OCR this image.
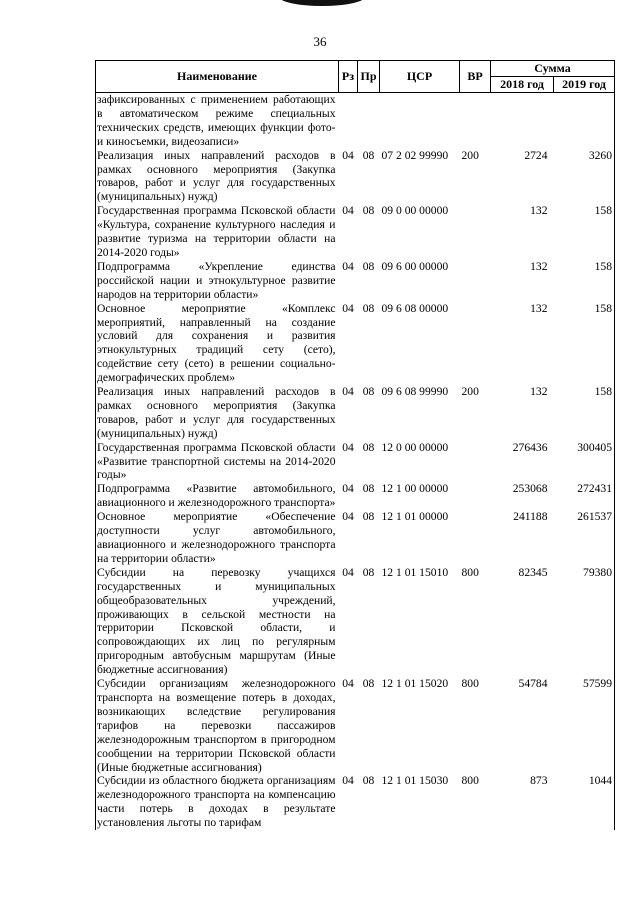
36
Наименование	Рз	Пр	ЦСР	ВР	Сумма	
					2018 год	2019 год
зафиксированных с применением работающих в автоматическом режиме специальных технических средств, имеющих функции фото- и киносъемки, видеозаписи»						
Реализация иных направлений расходов в рамках основного мероприятия (Закупка товаров, работ и услуг для государственных (муниципальных) нужд)	04	08	07 2 02 99990	200	2724	3260
Государственная программа Псковской области «Культура, сохранение культурного наследия и развитие туризма на территории области на 2014-2020 годы»	04	08	09 0 00 00000		132	158
Подпрограмма «Укрепление единства российской нации и этнокультурное развитие народов на территории области»	04	08	09 6 00 00000		132	158
Основное мероприятие «Комплекс мероприятий, направленный на создание условий для сохранения и развития этнокультурных традиций сету (сето), содействие сету (сето) в решении социально-демографических проблем»	04	08	09 6 08 00000		132	158
Реализация иных направлений расходов в рамках основного мероприятия (Закупка товаров, работ и услуг для государственных (муниципальных) нужд)	04	08	09 6 08 99990	200	132	158
Государственная программа Псковской области «Развитие транспортной системы на 2014-2020 годы»	04	08	12 0 00 00000		276436	300405
Подпрограмма «Развитие автомобильного, авиационного и железнодорожного транспорта»	04	08	12 1 00 00000		253068	272431
Основное мероприятие «Обеспечение доступности услуг автомобильного, авиационного и железнодорожного транспорта на территории области»	04	08	12 1 01 00000		241188	261537
Субсидии на перевозку учащихся государственных и муниципальных общеобразовательных учреждений, проживающих в сельской местности на территории Псковской области, и сопровождающих их лиц по регулярным пригородным автобусным маршрутам (Иные бюджетные ассигнования)	04	08	12 1 01 15010	800	82345	79380
Субсидии организациям железнодорожного транспорта на возмещение потерь в доходах, возникающих вследствие регулирования тарифов на перевозки пассажиров железнодорожным транспортом в пригородном сообщении на территории Псковской области (Иные бюджетные ассигнования)	04	08	12 1 01 15020	800	54784	57599
Субсидии из областного бюджета организациям железнодорожного транспорта на компенсацию части потерь в доходах в результате установления льготы по тарифам	04	08	12 1 01 15030	800	873	1044
